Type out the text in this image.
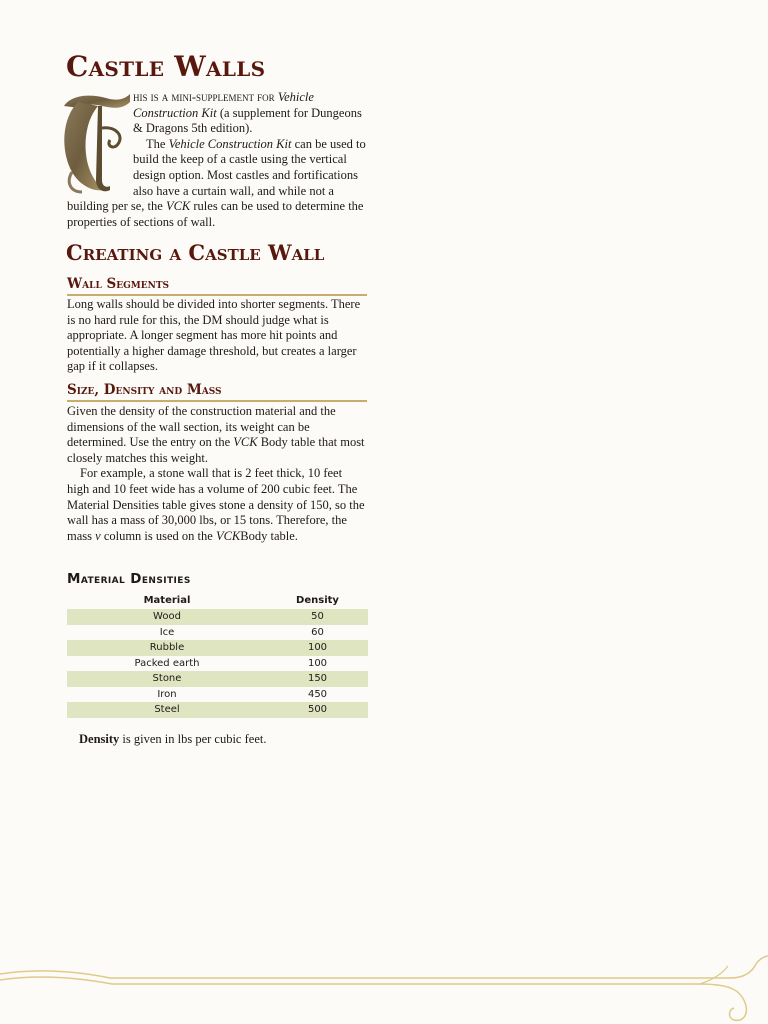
Castle Walls

his is a mini-supplement for Vehicle Construction Kit (a supplement for Dungeons & Dragons 5th edition).

The Vehicle Construction Kit can be used to build the keep of a castle using the vertical design option. Most castles and fortifications also have a curtain wall, and while not a building per se, the VCK rules can be used to determine the properties of sections of wall.

Creating a Castle Wall
Wall Segments

Long walls should be divided into shorter segments. There is no hard rule for this, the DM should judge what is appropriate. A longer segment has more hit points and potentially a higher damage threshold, but creates a larger gap if it collapses.

Size, Density and Mass

Given the density of the construction material and the dimensions of the wall section, its weight can be determined. Use the entry on the VCK Body table that most closely matches this weight.

For example, a stone wall that is 2 feet thick, 10 feet high and 10 feet wide has a volume of 200 cubic feet. The Material Densities table gives stone a density of 150, so the wall has a mass of 30,000 lbs, or 15 tons. Therefore, the mass v column is used on the VCKBody table.

Material Densities
Material	Density
Wood	50
Ice	60
Rubble	100
Packed earth	100
Stone	150
Iron	450
Steel	500
Density is given in lbs per cubic feet.
